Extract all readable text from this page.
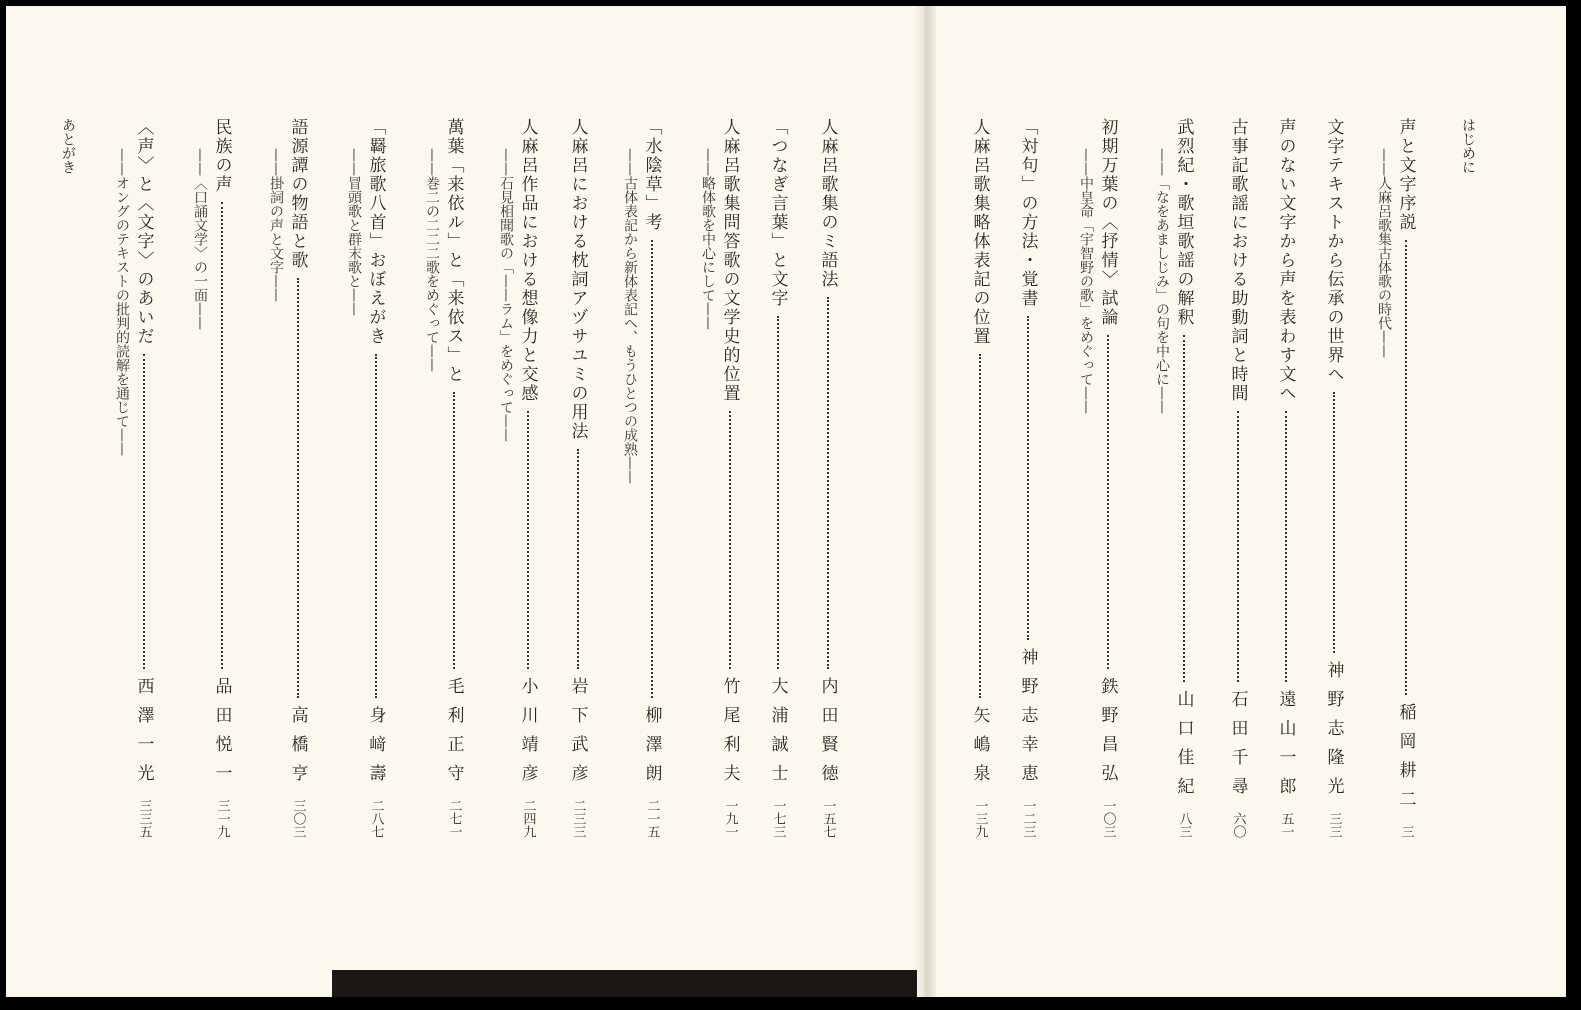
はじめに
声と文字序説
稲岡耕二
三
——人麻呂歌集古体歌の時代——
文字テキストから伝承の世界へ
神野志隆光
三三
声のない文字から声を表わす文へ
遠山一郎
五一
古事記歌謡における助動詞と時間
石田千尋
六〇
武烈紀・歌垣歌謡の解釈
山口佳紀
八三
——「なをあましじみ」の句を中心に——
初期万葉の〈抒情〉試論
鉄野昌弘
一〇三
——中皇命「宇智野の歌」をめぐって——
「対句」の方法・覚書
神野志幸恵
一二三
人麻呂歌集略体表記の位置
矢嶋泉
一三九
人麻呂歌集のミ語法
内田賢徳
一五七
「つなぎ言葉」と文字
大浦誠士
一七三
人麻呂歌集問答歌の文学史的位置
竹尾利夫
一九一
——略体歌を中心にして——
「水陰草」考
柳澤朗
二一五
——古体表記から新体表記へ、もうひとつの成熟——
人麻呂における枕詞アヅサユミの用法
岩下武彦
二三三
人麻呂作品における想像力と交感
小川靖彦
二四九
——石見相聞歌の「——ラム」をめぐって——
萬葉「来依ル」と「来依ス」と
毛利正守
二七一
——巻二の二二二歌をめぐって——
「羇旅歌八首」おぼえがき
身﨑壽
二八七
——冒頭歌と群末歌と——
語源譚の物語と歌
高橋亨
三〇三
——掛詞の声と文字——
民族の声
品田悦一
三一九
——〈口誦文学〉の一面——
〈声〉と〈文字〉のあいだ
西澤一光
三三五
——オングのテキストの批判的読解を通じて——
あとがき
